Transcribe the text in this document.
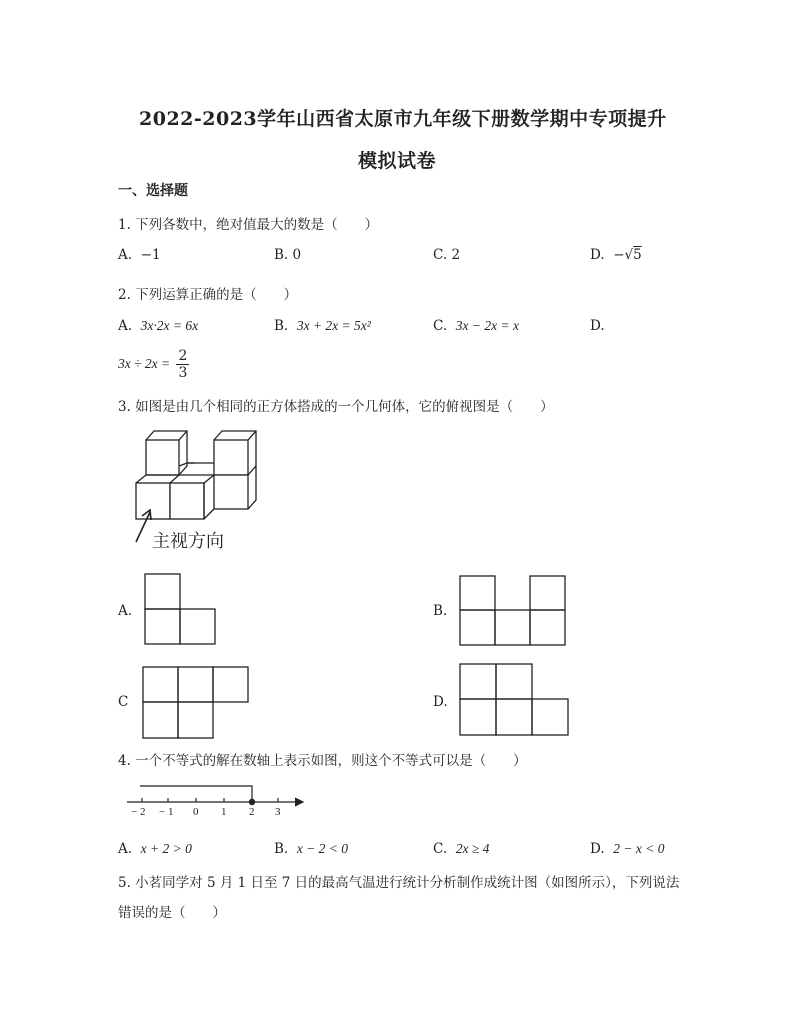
2022-2023学年山西省太原市九年级下册数学期中专项提升
模拟试卷
一、选择题
1. 下列各数中，绝对值最大的数是（　　）
A. −1	B. 0	C. 2	D. −√5
2. 下列运算正确的是（　　）
A. 3x·2x = 6x	B. 3x + 2x = 5x²	C. 3x − 2x = x	D.
$3x \div 2x = \frac{2}{3}$
3. 如图是由几个相同的正方体搭成的一个几何体，它的俯视图是（　　）
主视方向
A.	B.
C	D.
4. 一个不等式的解在数轴上表示如图，则这个不等式可以是（　　）
− 2 − 1 0 1 2 3
A. x + 2 > 0	B. x − 2 < 0	C. 2x ≥ 4	D. 2 − x < 0
5. 小茗同学对 5 月 1 日至 7 日的最高气温进行统计分析制作成统计图（如图所示），下列说法
错误的是（　　）
